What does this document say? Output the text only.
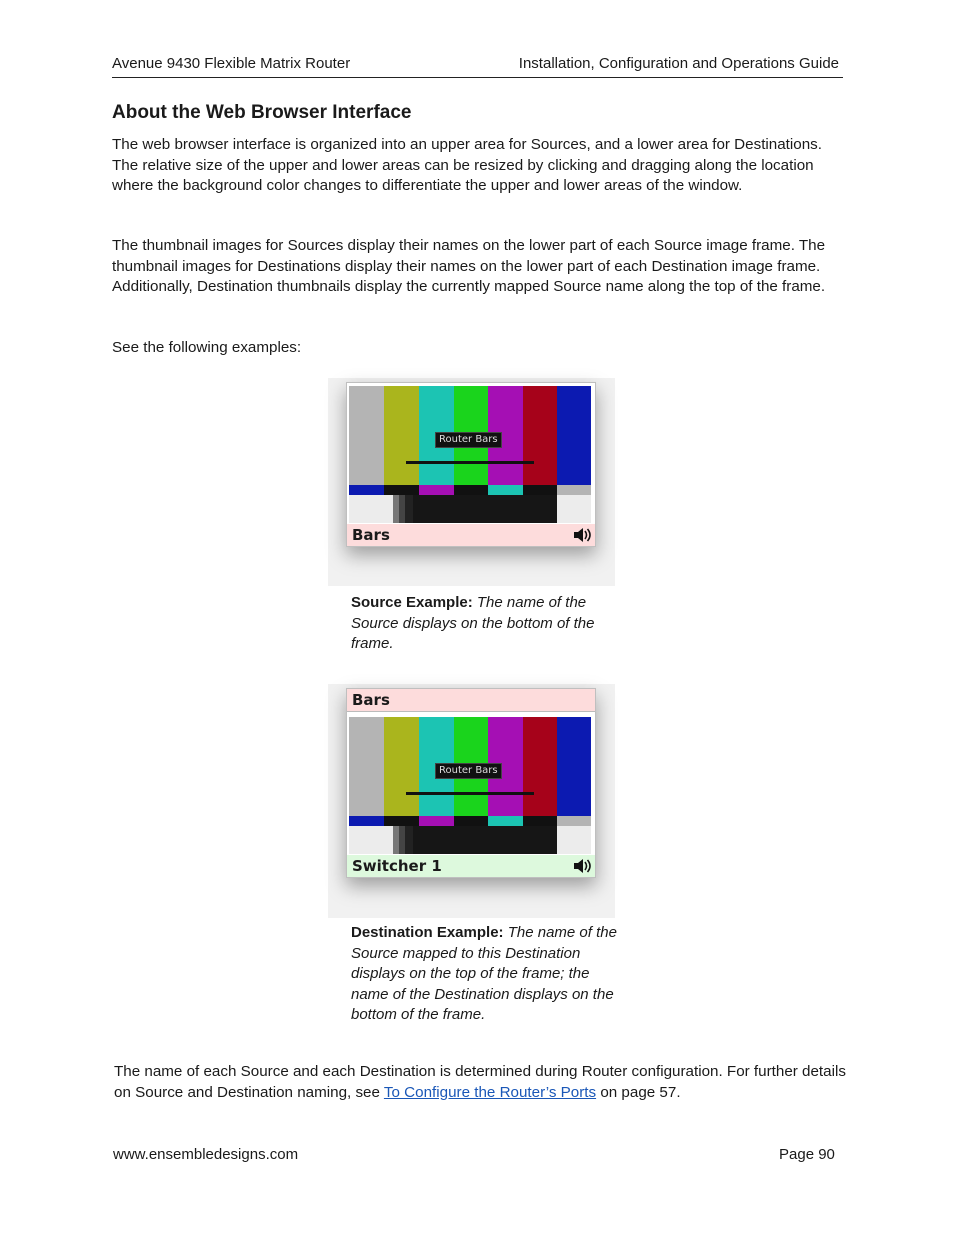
Avenue 9430 Flexible Matrix Router	Installation, Configuration and Operations Guide
About the Web Browser Interface
The web browser interface is organized into an upper area for Sources, and a lower area for Destinations. The relative size of the upper and lower areas can be resized by clicking and dragging along the location where the background color changes to differentiate the upper and lower areas of the window.
The thumbnail images for Sources display their names on the lower part of each Source image frame. The thumbnail images for Destinations display their names on the lower part of each Destination image frame. Additionally, Destination thumbnails display the currently mapped Source name along the top of the frame.
See the following examples:
Router Bars
Bars
Source Example: The name of the Source displays on the bottom of the frame.
Bars
Router Bars
Switcher 1
Destination Example: The name of the Source mapped to this Destination displays on the top of the frame; the name of the Destination displays on the bottom of the frame.
The name of each Source and each Destination is determined during Router configuration. For further details on Source and Destination naming, see To Configure the Router’s Ports on page 57.
www.ensembledesigns.com	Page 90
